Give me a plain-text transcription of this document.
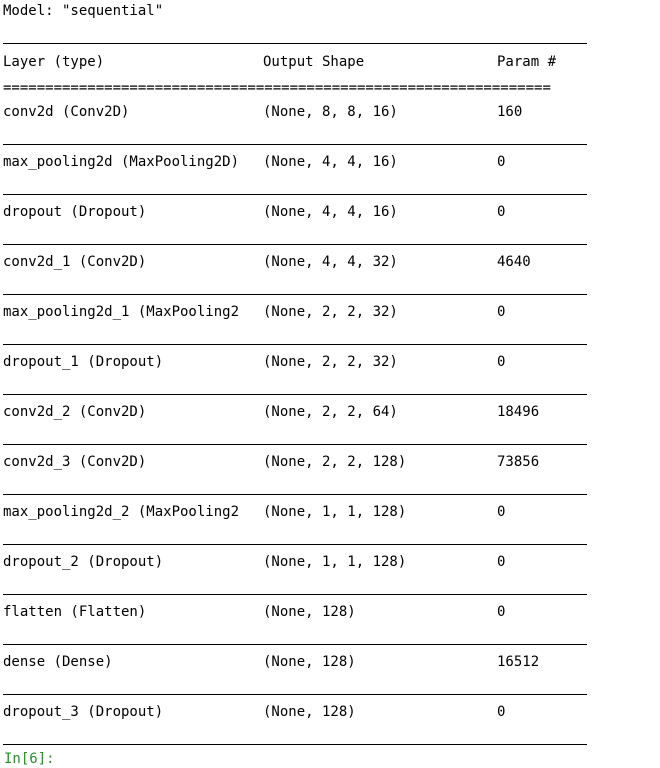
Model: "sequential"
Layer (type)	Output Shape	Param #
=================================================================
conv2d (Conv2D)	(None, 8, 8, 16)	160
max_pooling2d (MaxPooling2D) (None, 4, 4, 16)	0
dropout (Dropout)	(None, 4, 4, 16)	0
conv2d_1 (Conv2D)	(None, 4, 4, 32)	4640
max_pooling2d_1 (MaxPooling2 (None, 2, 2, 32)	0
dropout_1 (Dropout)	(None, 2, 2, 32)	0
conv2d_2 (Conv2D)	(None, 2, 2, 64)	18496
conv2d_3 (Conv2D)	(None, 2, 2, 128)	73856
max_pooling2d_2 (MaxPooling2 (None, 1, 1, 128)	0
dropout_2 (Dropout)	(None, 1, 1, 128)	0
flatten (Flatten)	(None, 128)	0
dense (Dense)	(None, 128)	16512
dropout_3 (Dropout)	(None, 128)	0
In[6]:
